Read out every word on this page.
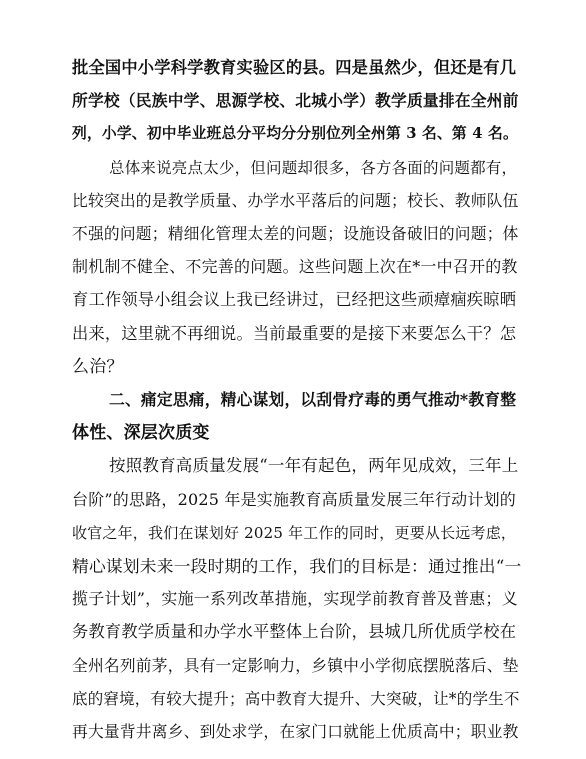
批全国中小学科学教育实验区的县。四是虽然少，但还是有几
所学校（民族中学、思源学校、北城小学）教学质量排在全州前
列，小学、初中毕业班总分平均分分别位列全州第 3 名、第 4 名。
总体来说亮点太少，但问题却很多，各方各面的问题都有，
比较突出的是教学质量、办学水平落后的问题；校长、教师队伍
不强的问题；精细化管理太差的问题；设施设备破旧的问题；体
制机制不健全、不完善的问题。这些问题上次在*一中召开的教
育工作领导小组会议上我已经讲过，已经把这些顽瘴痼疾晾晒
出来，这里就不再细说。当前最重要的是接下来要怎么干？怎
么治？
二、痛定思痛，精心谋划，以刮骨疗毒的勇气推动*教育整
体性、深层次质变
按照教育高质量发展“一年有起色，两年见成效，三年上
台阶”的思路，2025 年是实施教育高质量发展三年行动计划的
收官之年，我们在谋划好 2025 年工作的同时，更要从长远考虑，
精心谋划未来一段时期的工作，我们的目标是：通过推出“一
揽子计划”，实施一系列改革措施，实现学前教育普及普惠；义
务教育教学质量和办学水平整体上台阶，县城几所优质学校在
全州名列前茅，具有一定影响力，乡镇中小学彻底摆脱落后、垫
底的窘境，有较大提升；高中教育大提升、大突破，让*的学生不
再大量背井离乡、到处求学，在家门口就能上优质高中；职业教
